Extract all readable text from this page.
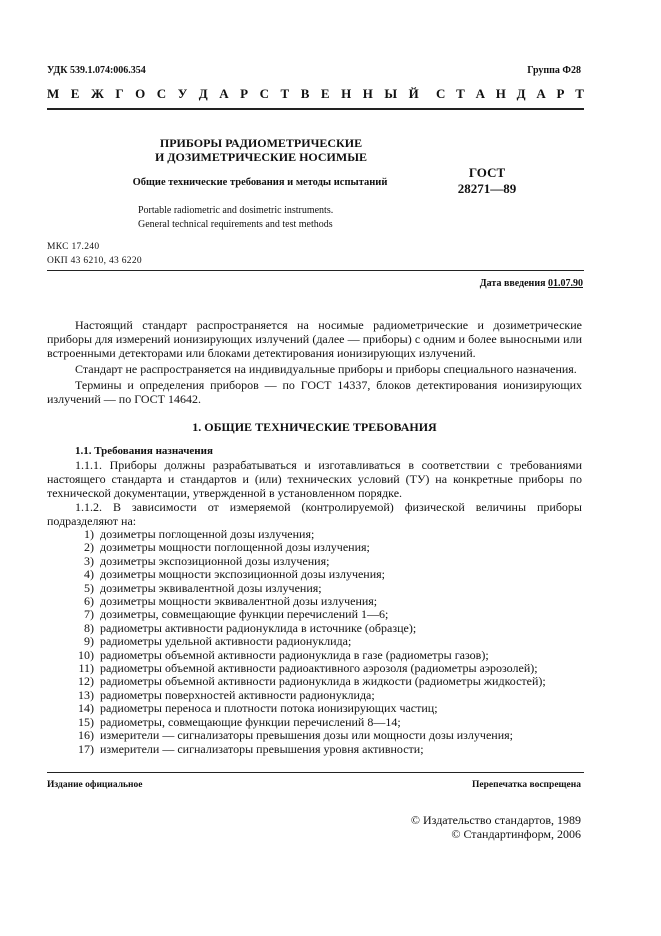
УДК 539.1.074:006.354	Группа Ф28
М Е Ж Г О С У Д А Р С Т В Е Н Н Ы Й С Т А Н Д А Р Т
ПРИБОРЫ РАДИОМЕТРИЧЕСКИЕ
И ДОЗИМЕТРИЧЕСКИЕ НОСИМЫЕ
Общие технические требования и методы испытаний
Portable radiometric and dosimetric instruments.
General technical requirements and test methods
ГОСТ
28271—89
МКС 17.240
ОКП 43 6210, 43 6220
Дата введения 01.07.90

Настоящий стандарт распространяется на носимые радиометрические и дозиметрические приборы для измерений ионизирующих излучений (далее — приборы) с одним и более выносными или встроенными детекторами или блоками детектирования ионизирующих излучений.

Стандарт не распространяется на индивидуальные приборы и приборы специального назначения.

Термины и определения приборов — по ГОСТ 14337, блоков детектирования ионизирующих излучений — по ГОСТ 14642.

1. ОБЩИЕ ТЕХНИЧЕСКИЕ ТРЕБОВАНИЯ
1.1. Требования назначения

1.1.1. Приборы должны разрабатываться и изготавливаться в соответствии с требованиями настоящего стандарта и стандартов и (или) технических условий (ТУ) на конкретные приборы по технической документации, утвержденной в установленном порядке.

1.1.2. В зависимости от измеряемой (контролируемой) физической величины приборы подразделяют на:

1) дозиметры поглощенной дозы излучения;
2) дозиметры мощности поглощенной дозы излучения;
3) дозиметры экспозиционной дозы излучения;
4) дозиметры мощности экспозиционной дозы излучения;
5) дозиметры эквивалентной дозы излучения;
6) дозиметры мощности эквивалентной дозы излучения;
7) дозиметры, совмещающие функции перечислений 1—6;
8) радиометры активности радионуклида в источнике (образце);
9) радиометры удельной активности радионуклида;
10) радиометры объемной активности радионуклида в газе (радиометры газов);
11) радиометры объемной активности радиоактивного аэрозоля (радиометры аэрозолей);
12) радиометры объемной активности радионуклида в жидкости (радиометры жидкостей);
13) радиометры поверхностей активности радионуклида;
14) радиометры переноса и плотности потока ионизирующих частиц;
15) радиометры, совмещающие функции перечислений 8—14;
16) измерители — сигнализаторы превышения дозы или мощности дозы излучения;
17) измерители — сигнализаторы превышения уровня активности;
Издание официальное	Перепечатка воспрещена
© Издательство стандартов, 1989
© Стандартинформ, 2006
